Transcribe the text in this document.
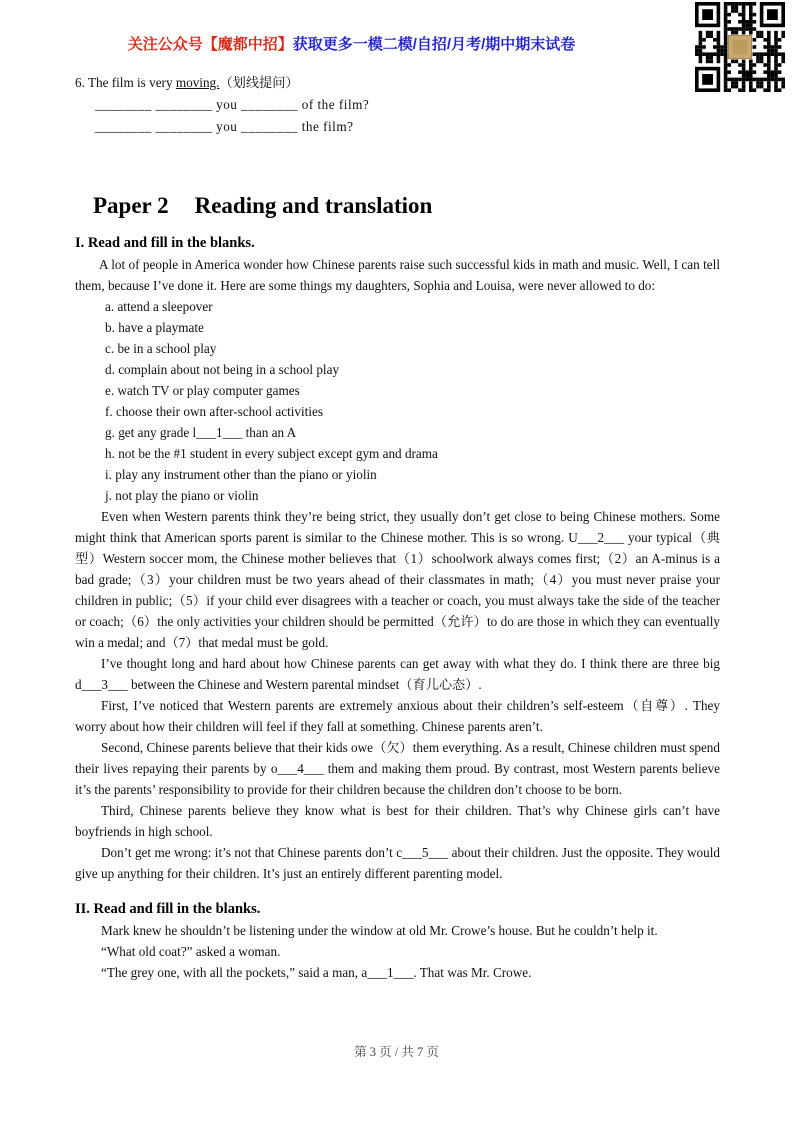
关注公众号【魔都中招】获取更多一模二模/自招/月考/期中期末试卷
6. The film is very moving.（划线提问）
________ ________ you ________ of the film?
________ ________ you ________ the film?
Paper 2 Reading and translation
I. Read and fill in the blanks.

A lot of people in America wonder how Chinese parents raise such successful kids in math and music. Well, I can tell them, because I’ve done it. Here are some things my daughters, Sophia and Louisa, were never allowed to do:

a. attend a sleepover
b. have a playmate
c. be in a school play
d. complain about not being in a school play
e. watch TV or play computer games
f. choose their own after-school activities
g. get any grade l___1___ than an A
h. not be the #1 student in every subject except gym and drama
i. play any instrument other than the piano or yiolin
j. not play the piano or violin

Even when Western parents think they’re being strict, they usually don’t get close to being Chinese mothers. Some might think that American sports parent is similar to the Chinese mother. This is so wrong. U___2___ your typical（典型）Western soccer mom, the Chinese mother believes that（1）schoolwork always comes first;（2）an A-minus is a bad grade;（3）your children must be two years ahead of their classmates in math;（4）you must never praise your children in public;（5）if your child ever disagrees with a teacher or coach, you must always take the side of the teacher or coach;（6）the only activities your children should be permitted（允许）to do are those in which they can eventually win a medal; and（7）that medal must be gold.

I’ve thought long and hard about how Chinese parents can get away with what they do. I think there are three big d___3___ between the Chinese and Western parental mindset（育儿心态）.

First, I’ve noticed that Western parents are extremely anxious about their children’s self-esteem（自尊）. They worry about how their children will feel if they fall at something. Chinese parents aren’t.

Second, Chinese parents believe that their kids owe（欠）them everything. As a result, Chinese children must spend their lives repaying their parents by o___4___ them and making them proud. By contrast, most Western parents believe it’s the parents’ responsibility to provide for their children because the children don’t choose to be born.

Third, Chinese parents believe they know what is best for their children. That’s why Chinese girls can’t have boyfriends in high school.

Don’t get me wrong: it’s not that Chinese parents don’t c___5___ about their children. Just the opposite. They would give up anything for their children. It’s just an entirely different parenting model.

II. Read and fill in the blanks.

Mark knew he shouldn’t be listening under the window at old Mr. Crowe’s house. But he couldn’t help it.

“What old coat?” asked a woman.

“The grey one, with all the pockets,” said a man, a___1___. That was Mr. Crowe.

第 3 页 / 共 7 页
